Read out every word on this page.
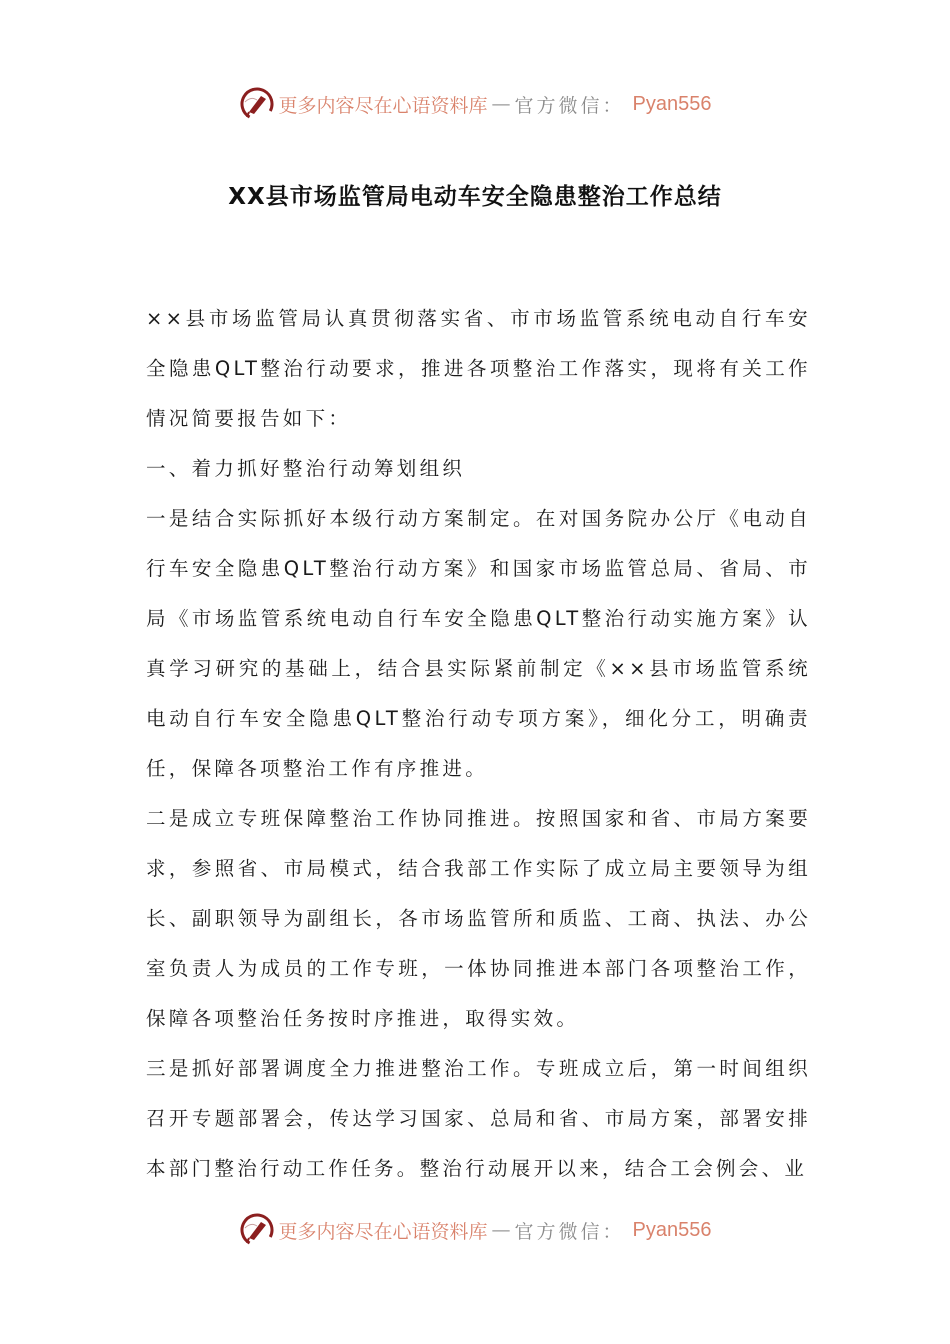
更多内容尽在心语资料库 — 官方微信： Pyan556
XX县市场监管局电动车安全隐患整治工作总结

××县市场监管局认真贯彻落实省、市市场监管系统电动自行车安全隐患QLT整治行动要求，推进各项整治工作落实，现将有关工作情况简要报告如下：

一、着力抓好整治行动筹划组织

一是结合实际抓好本级行动方案制定。在对国务院办公厅《电动自行车安全隐患QLT整治行动方案》和国家市场监管总局、省局、市局《市场监管系统电动自行车安全隐患QLT整治行动实施方案》认真学习研究的基础上，结合县实际紧前制定《××县市场监管系统电动自行车安全隐患QLT整治行动专项方案》，细化分工，明确责任，保障各项整治工作有序推进。

二是成立专班保障整治工作协同推进。按照国家和省、市局方案要求，参照省、市局模式，结合我部工作实际了成立局主要领导为组长、副职领导为副组长，各市场监管所和质监、工商、执法、办公室负责人为成员的工作专班，一体协同推进本部门各项整治工作，保障各项整治任务按时序推进，取得实效。

三是抓好部署调度全力推进整治工作。专班成立后，第一时间组织召开专题部署会，传达学习国家、总局和省、市局方案，部署安排本部门整治行动工作任务。整治行动展开以来，结合工会例会、业

更多内容尽在心语资料库 — 官方微信： Pyan556
